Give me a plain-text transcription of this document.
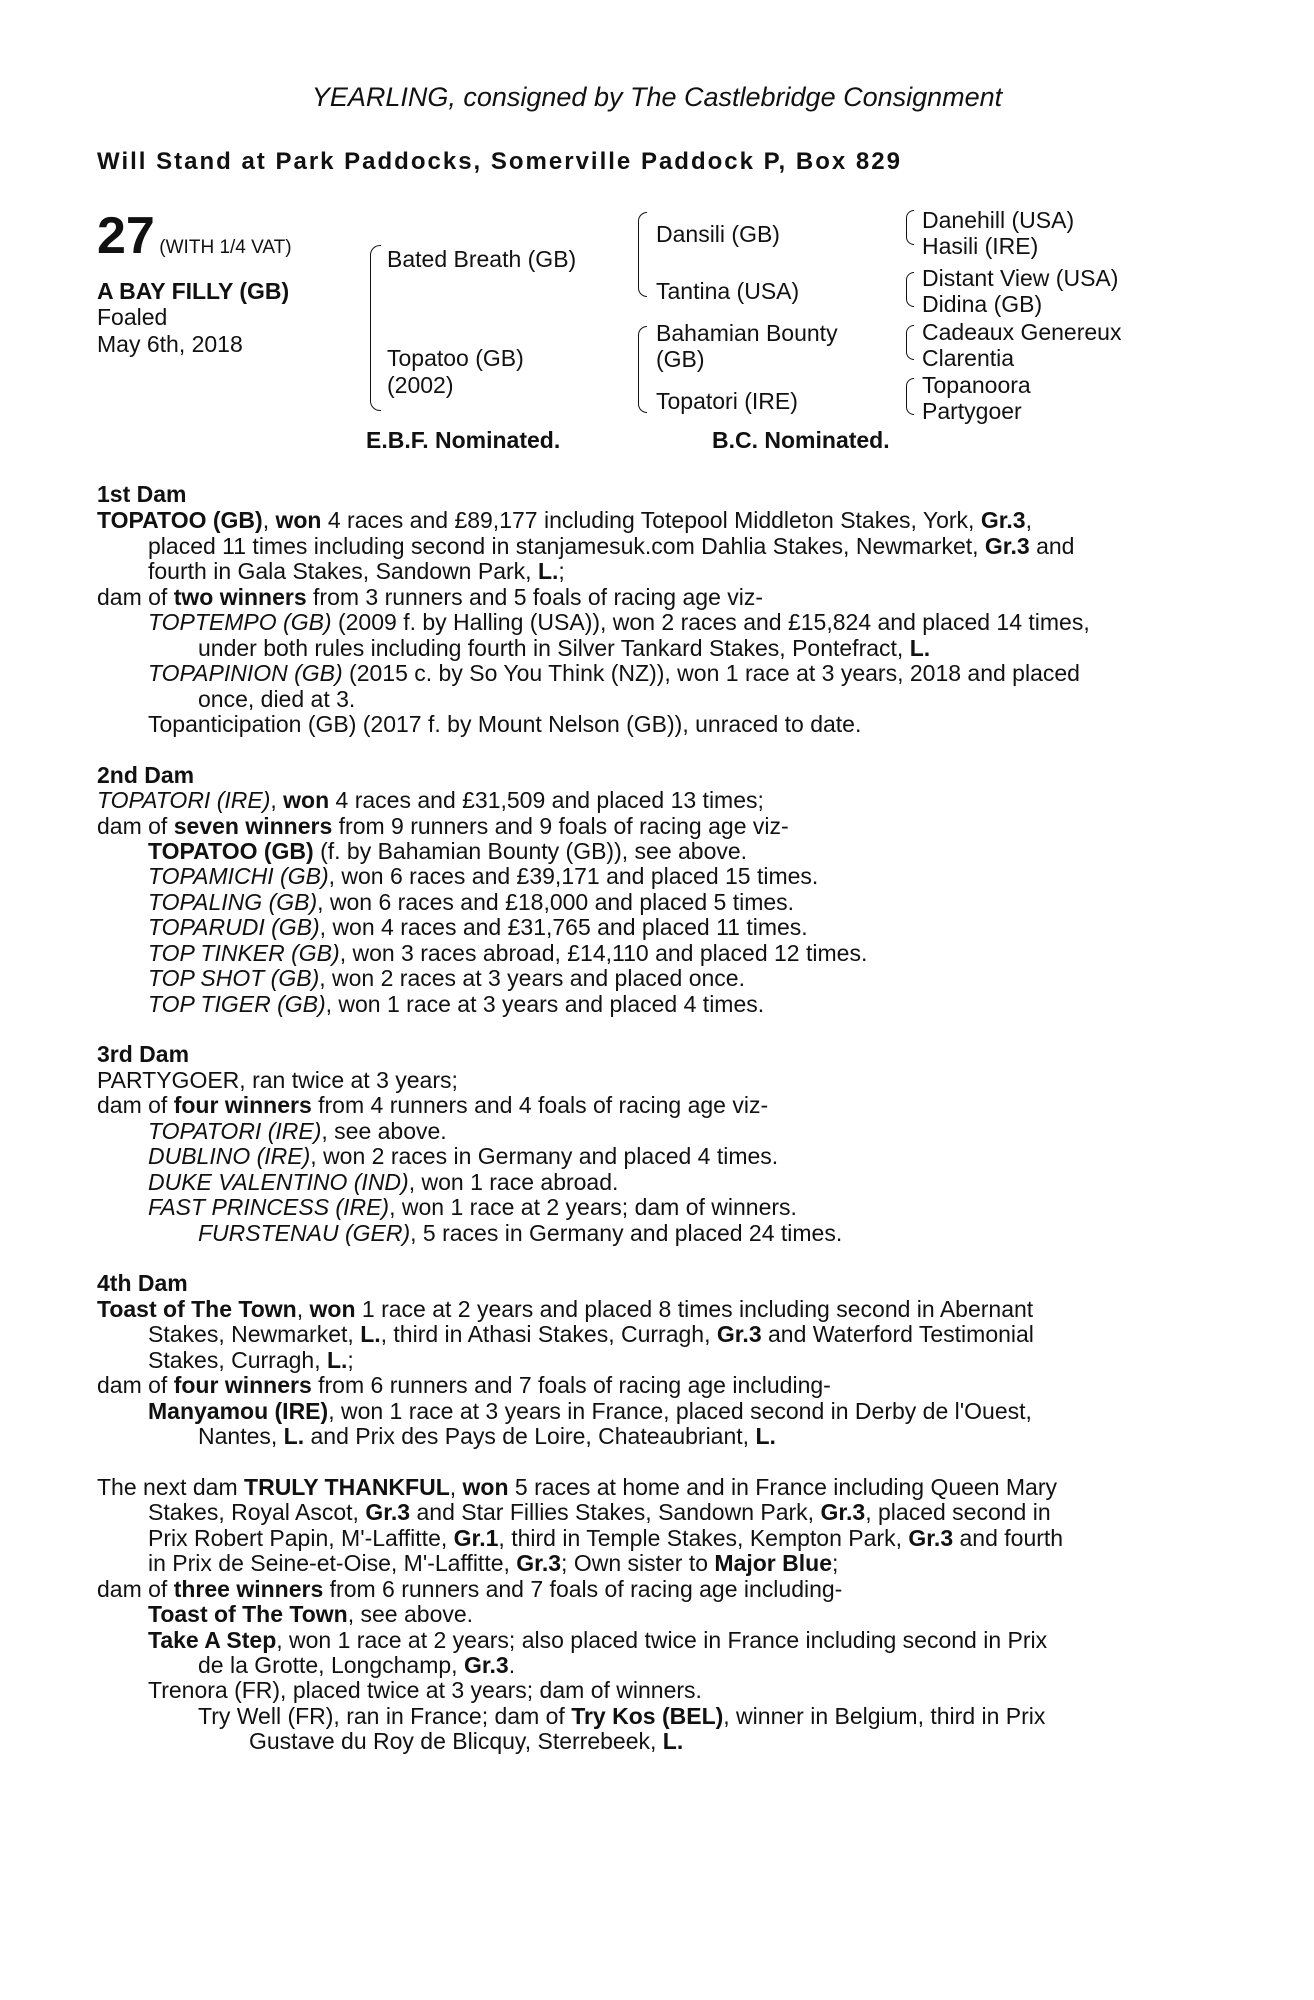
YEARLING, consigned by The Castlebridge Consignment
Will Stand at Park Paddocks, Somerville Paddock P, Box 829
27 (WITH 1/4 VAT)
A BAY FILLY (GB)
Foaled
May 6th, 2018
Bated Breath (GB)
Topatoo (GB)
(2002)
Dansili (GB)
Tantina (USA)
Bahamian Bounty
(GB)
Topatori (IRE)
Danehill (USA)
Hasili (IRE)
Distant View (USA)
Didina (GB)
Cadeaux Genereux
Clarentia
Topanoora
Partygoer
E.B.F. Nominated.	B.C. Nominated.
1st Dam
TOPATOO (GB), won 4 races and £89,177 including Totepool Middleton Stakes, York, Gr.3,
placed 11 times including second in stanjamesuk.com Dahlia Stakes, Newmarket, Gr.3 and
fourth in Gala Stakes, Sandown Park, L.;
dam of two winners from 3 runners and 5 foals of racing age viz-
TOPTEMPO (GB) (2009 f. by Halling (USA)), won 2 races and £15,824 and placed 14 times,
under both rules including fourth in Silver Tankard Stakes, Pontefract, L.
TOPAPINION (GB) (2015 c. by So You Think (NZ)), won 1 race at 3 years, 2018 and placed
once, died at 3.
Topanticipation (GB) (2017 f. by Mount Nelson (GB)), unraced to date.
2nd Dam
TOPATORI (IRE), won 4 races and £31,509 and placed 13 times;
dam of seven winners from 9 runners and 9 foals of racing age viz-
TOPATOO (GB) (f. by Bahamian Bounty (GB)), see above.
TOPAMICHI (GB), won 6 races and £39,171 and placed 15 times.
TOPALING (GB), won 6 races and £18,000 and placed 5 times.
TOPARUDI (GB), won 4 races and £31,765 and placed 11 times.
TOP TINKER (GB), won 3 races abroad, £14,110 and placed 12 times.
TOP SHOT (GB), won 2 races at 3 years and placed once.
TOP TIGER (GB), won 1 race at 3 years and placed 4 times.
3rd Dam
PARTYGOER, ran twice at 3 years;
dam of four winners from 4 runners and 4 foals of racing age viz-
TOPATORI (IRE), see above.
DUBLINO (IRE), won 2 races in Germany and placed 4 times.
DUKE VALENTINO (IND), won 1 race abroad.
FAST PRINCESS (IRE), won 1 race at 2 years; dam of winners.
FURSTENAU (GER), 5 races in Germany and placed 24 times.
4th Dam
Toast of The Town, won 1 race at 2 years and placed 8 times including second in Abernant
Stakes, Newmarket, L., third in Athasi Stakes, Curragh, Gr.3 and Waterford Testimonial
Stakes, Curragh, L.;
dam of four winners from 6 runners and 7 foals of racing age including-
Manyamou (IRE), won 1 race at 3 years in France, placed second in Derby de l'Ouest,
Nantes, L. and Prix des Pays de Loire, Chateaubriant, L.
The next dam TRULY THANKFUL, won 5 races at home and in France including Queen Mary
Stakes, Royal Ascot, Gr.3 and Star Fillies Stakes, Sandown Park, Gr.3, placed second in
Prix Robert Papin, M'-Laffitte, Gr.1, third in Temple Stakes, Kempton Park, Gr.3 and fourth
in Prix de Seine-et-Oise, M'-Laffitte, Gr.3; Own sister to Major Blue;
dam of three winners from 6 runners and 7 foals of racing age including-
Toast of The Town, see above.
Take A Step, won 1 race at 2 years; also placed twice in France including second in Prix
de la Grotte, Longchamp, Gr.3.
Trenora (FR), placed twice at 3 years; dam of winners.
Try Well (FR), ran in France; dam of Try Kos (BEL), winner in Belgium, third in Prix
Gustave du Roy de Blicquy, Sterrebeek, L.
